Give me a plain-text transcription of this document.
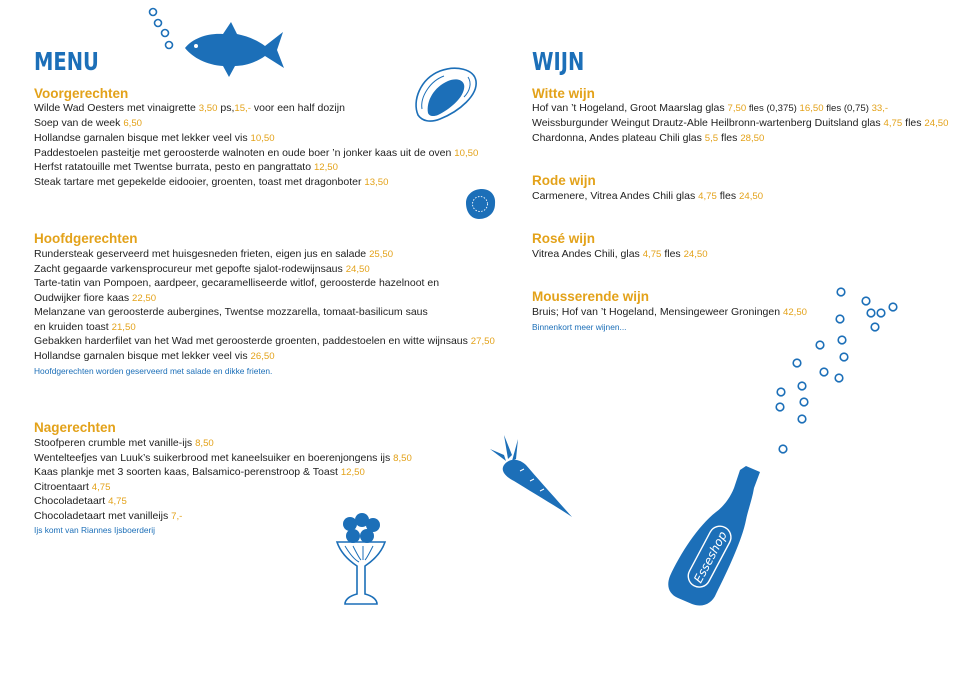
MENU
Voorgerechten

Wilde Wad Oesters met vinaigrette 3,50 ps,15,- voor een half dozijn

Soep van de week 6,50

Hollandse garnalen bisque met lekker veel vis 10,50

Paddestoelen pasteitje met geroosterde walnoten en oude boer ’n jonker kaas uit de oven 10,50

Herfst ratatouille met Twentse burrata, pesto en pangrattato 12,50

Steak tartare met gepekelde eidooier, groenten, toast met dragonboter 13,50

Hoofdgerechten

Rundersteak geserveerd met huisgesneden frieten, eigen jus en salade 25,50

Zacht gegaarde varkensprocureur met gepofte sjalot-rodewijnsaus 24,50

Tarte-tatin van Pompoen, aardpeer, gecaramelliseerde witlof, geroosterde hazelnoot en

Oudwijker fiore kaas 22,50

Melanzane van geroosterde aubergines, Twentse mozzarella, tomaat-basilicum saus

en kruiden toast 21,50

Gebakken harderfilet van het Wad met geroosterde groenten, paddestoelen en witte wijnsaus 27,50

Hollandse garnalen bisque met lekker veel vis 26,50

Hoofdgerechten worden geserveerd met salade en dikke frieten.

Nagerechten

Stoofperen crumble met vanille-ijs 8,50

Wentelteefjes van Luuk’s suikerbrood met kaneelsuiker en boerenjongens ijs 8,50

Kaas plankje met 3 soorten kaas, Balsamico-perenstroop & Toast 12,50

Citroentaart 4,75

Chocoladetaart 4,75

Chocoladetaart met vanilleijs 7,-

Ijs komt van Riannes Ijsboerderij

WIJN
Witte wijn

Hof van ’t Hogeland, Groot Maarslag glas 7,50 fles (0,375) 16,50 fles (0,75) 33,-

Weissburgunder Weingut Drautz-Able Heilbronn-wartenberg Duitsland glas 4,75 fles 24,50

Chardonna, Andes plateau Chili glas 5,5 fles 28,50

Rode wijn

Carmenere, Vitrea Andes Chili glas 4,75 fles 24,50

Rosé wijn

Vitrea Andes Chili, glas 4,75 fles 24,50

Mousserende wijn

Bruis; Hof van ’t Hogeland, Mensingeweer Groningen 42,50

Binnenkort meer wijnen...

Esseshop
